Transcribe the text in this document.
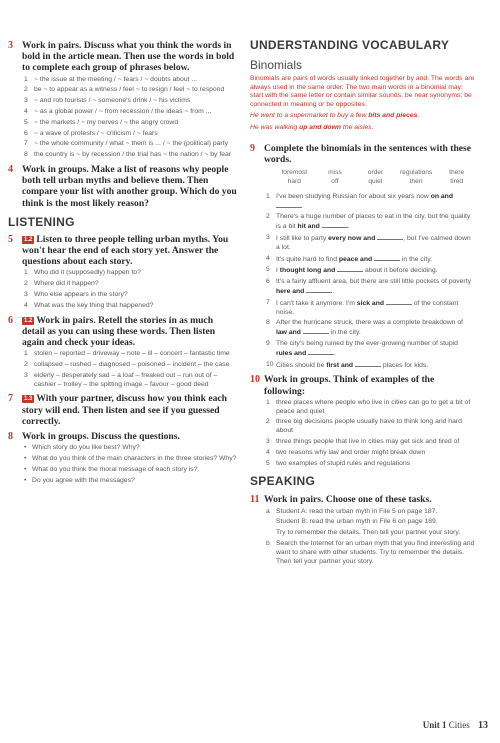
3 Work in pairs. Discuss what you think the words in bold in the article mean. Then use the words in bold to complete each group of phrases below.
1 ~ the issue at the meeting / ~ fears / ~ doubts about ...
2 be ~ to appear as a witness / feel ~ to resign / feel ~ to respond
3 ~ and rob tourists / ~ someone's drink / ~ his victims
4 ~ as a global power / ~ from recession / the ideas ~ from ...
5 ~ the markets / ~ my nerves / ~ the angry crowd
6 ~ a wave of protests / ~ criticism / ~ fears
7 ~ the whole community / what ~ them is ... / ~ the (political) party
8 the country is ~ by recession / the trial has ~ the nation / ~ by fear
4 Work in groups. Make a list of reasons why people both tell urban myths and believe them. Then compare your list with another group. Which do you think is the most likely reason?
LISTENING
5	1.2 Listen to three people telling urban myths. You won't hear the end of each story yet. Answer the questions about each story.
1 Who did it (supposedly) happen to?
2 Where did it happen?
3 Who else appears in the story?
4 What was the key thing that happened?
6	1.2 Work in pairs. Retell the stories in as much detail as you can using these words. Then listen again and check your ideas.
1 stolen – reported – driveway – note – ill – concert – fantastic time
2 collapsed – rushed – diagnosed – poisoned – incident – the case
3 elderly – desperately sad – a loaf – freaked out – run out of – cashier – trolley – the spitting image – favour – good deed
7	1.3 With your partner, discuss how you think each story will end. Then listen and see if you guessed correctly.
8 Work in groups. Discuss the questions.
• Which story do you like best? Why?
• What do you think of the main characters in the three stories? Why?
• What do you think the moral message of each story is?
• Do you agree with the messages?
UNDERSTANDING VOCABULARY
Binomials
Binomials are pairs of words usually linked together by and. The words are always used in the same order. The two main words in a binomial may: start with the same letter or contain similar sounds; be near synonyms; be connected in meaning or be opposites.
He went to a supermarket to buy a few bits and pieces.
He was walking up and down the aisles.
9 Complete the binomials in the sentences with these words.
foremost	miss	order	regulations	there
hard	off	quiet	then	tired
1 I've been studying Russian for about six years now on and
2 There's a huge number of places to eat in the city, but the quality is a bit hit and	.
3 I still like to party every now and	, but I've calmed down a lot.
4 It's quite hard to find peace and	in the city.
5 I thought long and	about it before deciding.
6 It's a fairly affluent area, but there are still little pockets of poverty here and	.
7 I can't take it anymore. I'm sick and	of the constant noise.
8 After the hurricane struck, there was a complete breakdown of law and	in the city.
9 The city's being ruined by the ever-growing number of stupid rules and	.
10 Cities should be first and	places for kids.
10 Work in groups. Think of examples of the following:
1 three places where people who live in cities can go to get a bit of peace and quiet
2 three big decisions people usually have to think long and hard about
3 three things people that live in cities may get sick and tired of
4 two reasons why law and order might break down
5 two examples of stupid rules and regulations
SPEAKING
11 Work in pairs. Choose one of these tasks.
a Student A: read the urban myth in File 5 on page 187.
Student B: read the urban myth in File 6 on page 189.
Try to remember the details. Then tell your partner your story.
b Search the Internet for an urban myth that you find interesting and want to share with other students. Try to remember the details. Then tell your partner your story.
Unit 1 Cities 13
